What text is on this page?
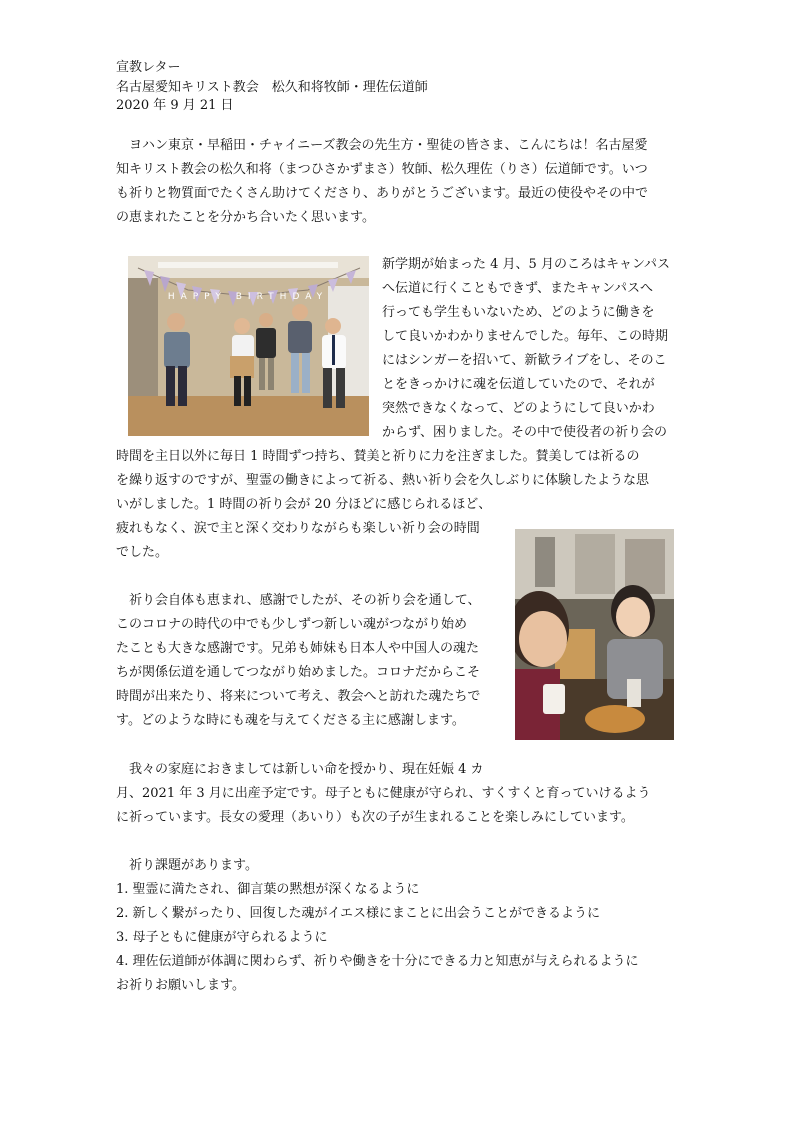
宣教レター
名古屋愛知キリスト教会　松久和将牧師・理佐伝道師
2020 年 9 月 21 日
　ヨハン東京・早稲田・チャイニーズ教会の先生方・聖徒の皆さま、こんにちは！名古屋愛
知キリスト教会の松久和将（まつひさかずまさ）牧師、松久理佐（りさ）伝道師です。いつ
も祈りと物質面でたくさん助けてくださり、ありがとうございます。最近の使役やその中で
の恵まれたことを分かち合いたく思います。
HAPPY BIRTHDAY
新学期が始まった 4 月、5 月のころはキャンパス
へ伝道に行くこともできず、またキャンパスへ
行っても学生もいないため、どのように働きを
して良いかわかりませんでした。毎年、この時期
にはシンガーを招いて、新歓ライブをし、そのこ
とをきっかけに魂を伝道していたので、それが
突然できなくなって、どのようにして良いかわ
からず、困りました。その中で使役者の祈り会の
時間を主日以外に毎日 1 時間ずつ持ち、賛美と祈りに力を注ぎました。賛美しては祈るの
を繰り返すのですが、聖霊の働きによって祈る、熱い祈り会を久しぶりに体験したような思
いがしました。1 時間の祈り会が 20 分ほどに感じられるほど、
疲れもなく、涙で主と深く交わりながらも楽しい祈り会の時間
でした。
　祈り会自体も恵まれ、感謝でしたが、その祈り会を通して、
このコロナの時代の中でも少しずつ新しい魂がつながり始め
たことも大きな感謝です。兄弟も姉妹も日本人や中国人の魂た
ちが関係伝道を通してつながり始めました。コロナだからこそ
時間が出来たり、将来について考え、教会へと訪れた魂たちで
す。どのような時にも魂を与えてくださる主に感謝します。
　我々の家庭におきましては新しい命を授かり、現在妊娠 4 カ
月、2021 年 3 月に出産予定です。母子ともに健康が守られ、すくすくと育っていけるよう
に祈っています。長女の愛理（あいり）も次の子が生まれることを楽しみにしています。
　祈り課題があります。
1. 聖霊に満たされ、御言葉の黙想が深くなるように
2. 新しく繋がったり、回復した魂がイエス様にまことに出会うことができるように
3. 母子ともに健康が守られるように
4. 理佐伝道師が体調に関わらず、祈りや働きを十分にできる力と知恵が与えられるように
お祈りお願いします。
